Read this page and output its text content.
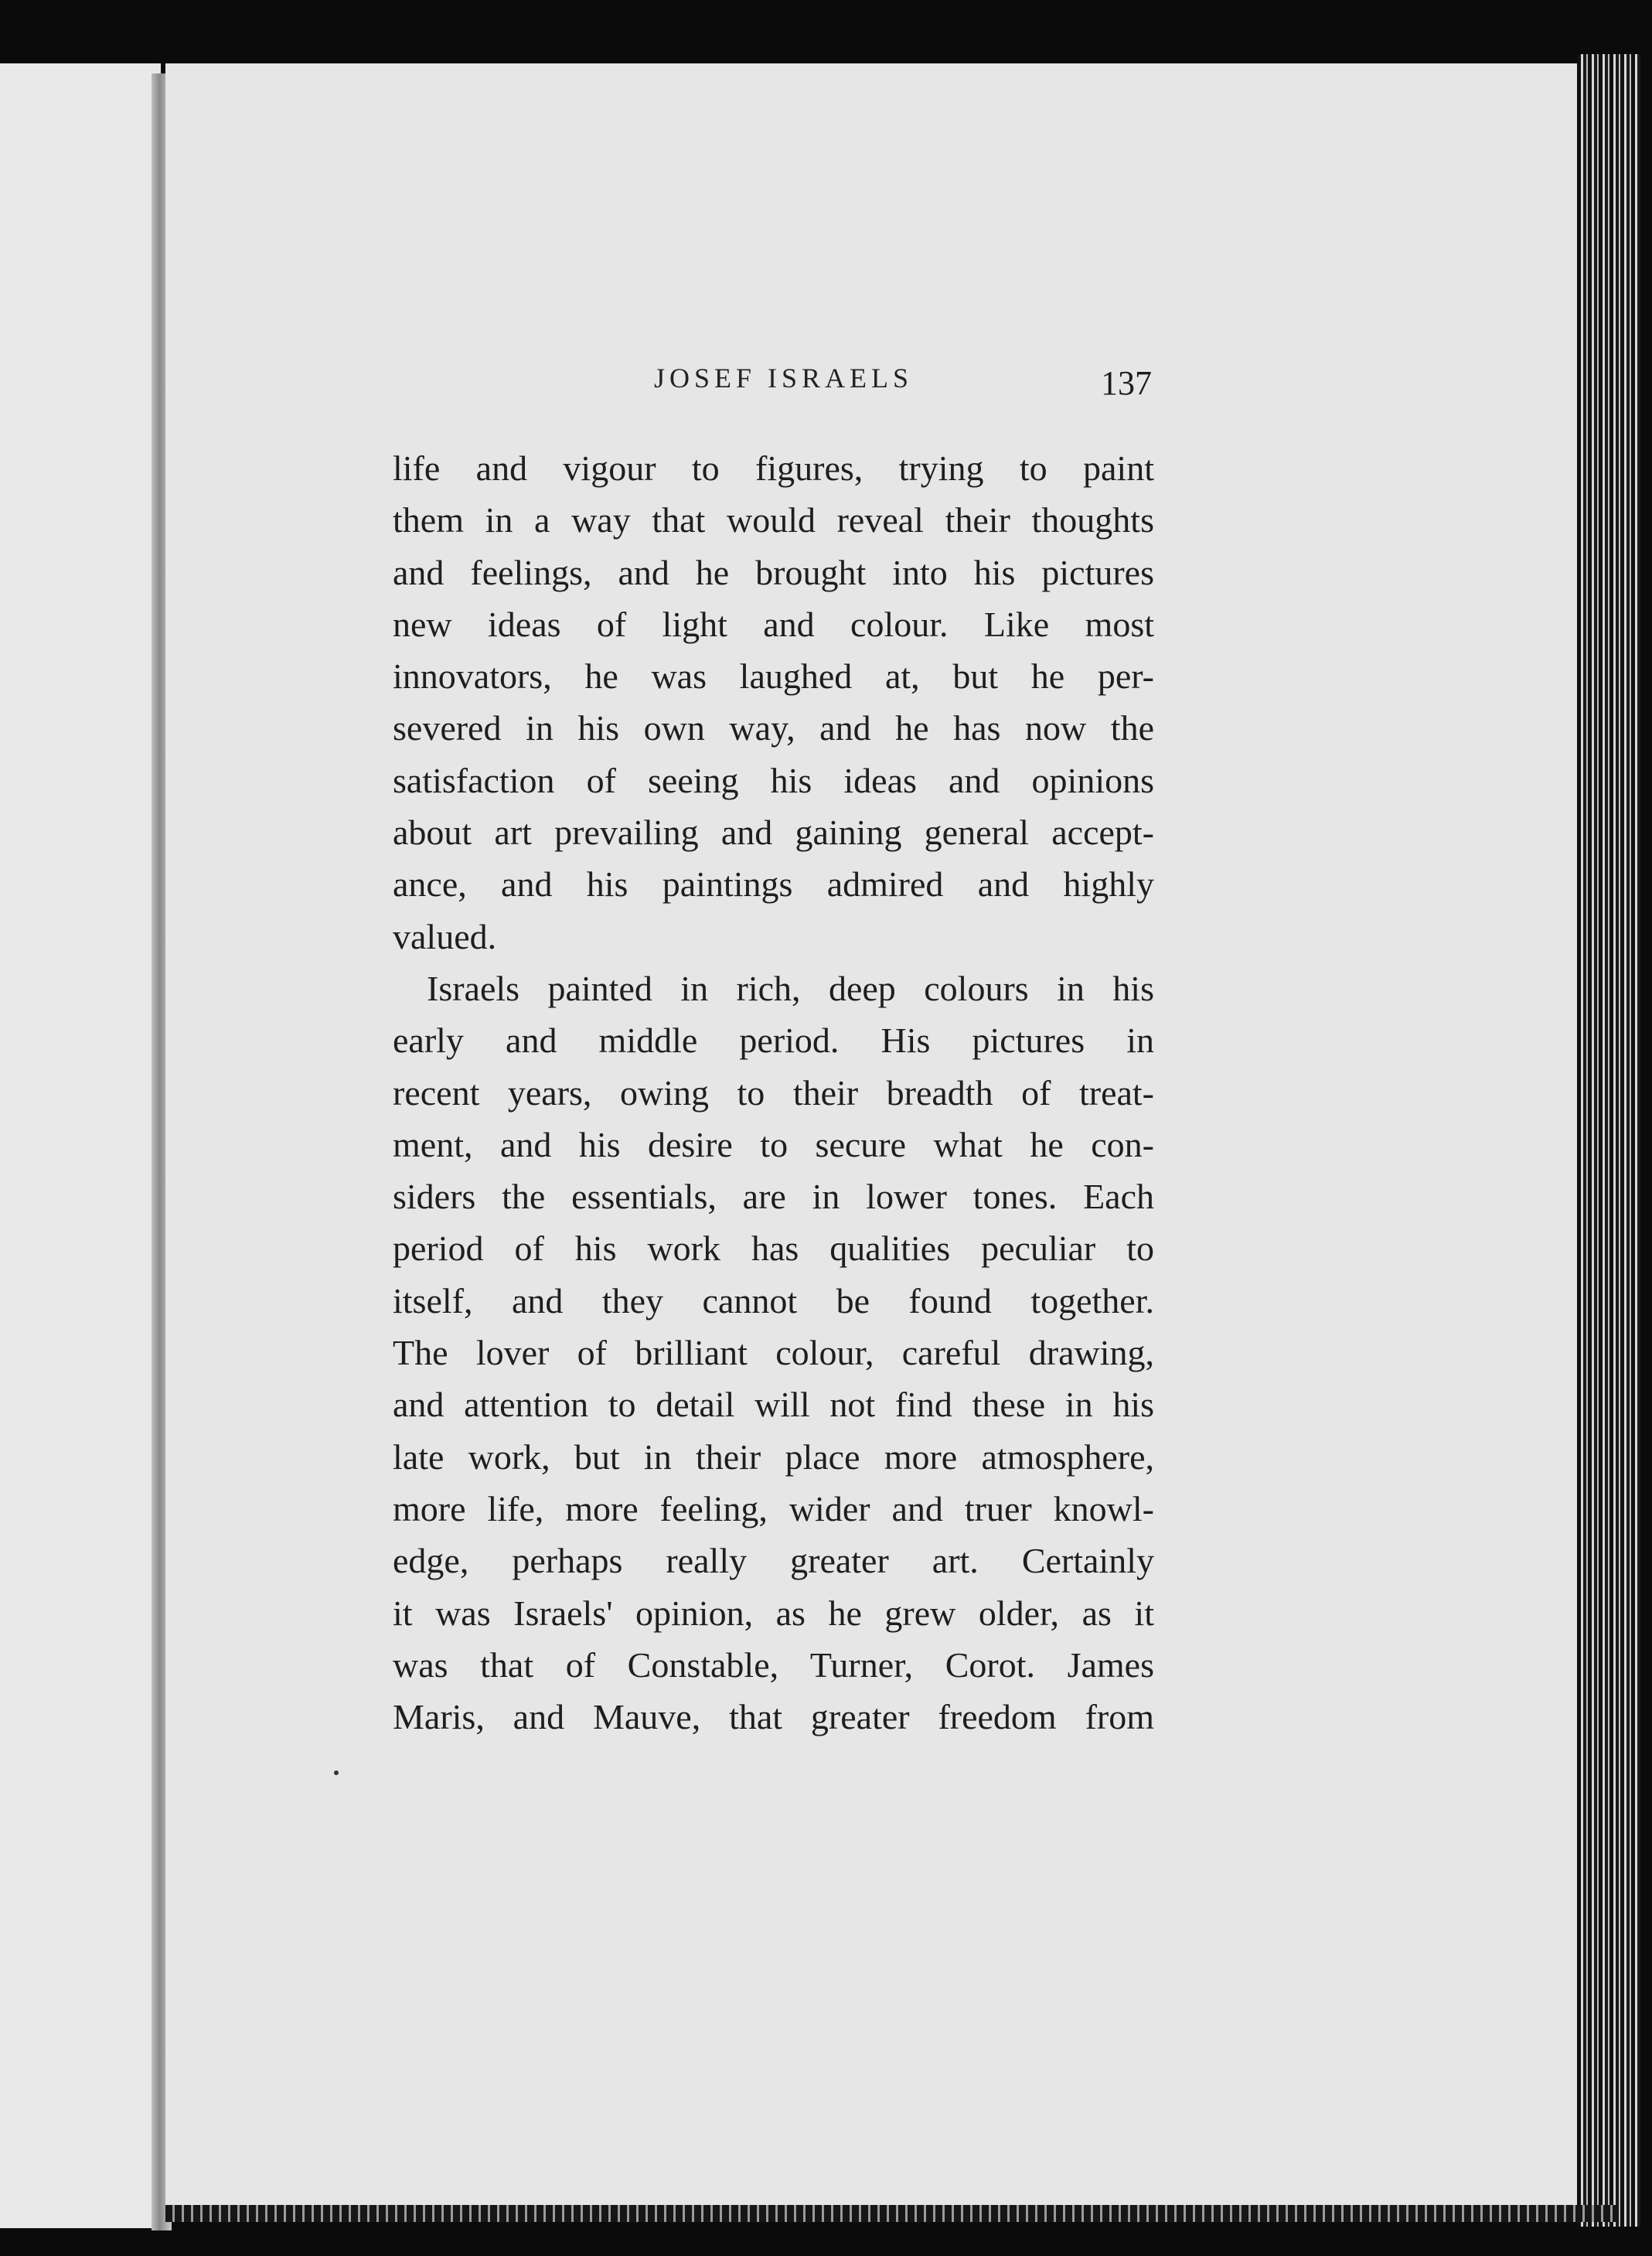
JOSEF ISRAELS	137
life and vigour to figures, trying to paint
them in a way that would reveal their thoughts
and feelings, and he brought into his pictures
new ideas of light and colour. Like most
innovators, he was laughed at, but he per-
severed in his own way, and he has now the
satisfaction of seeing his ideas and opinions
about art prevailing and gaining general accept-
ance, and his paintings admired and highly
valued.
Israels painted in rich, deep colours in his
early and middle period. His pictures in
recent years, owing to their breadth of treat-
ment, and his desire to secure what he con-
siders the essentials, are in lower tones. Each
period of his work has qualities peculiar to
itself, and they cannot be found together.
The lover of brilliant colour, careful drawing,
and attention to detail will not find these in his
late work, but in their place more atmosphere,
more life, more feeling, wider and truer knowl-
edge, perhaps really greater art. Certainly
it was Israels' opinion, as he grew older, as it
was that of Constable, Turner, Corot. James
Maris, and Mauve, that greater freedom from
